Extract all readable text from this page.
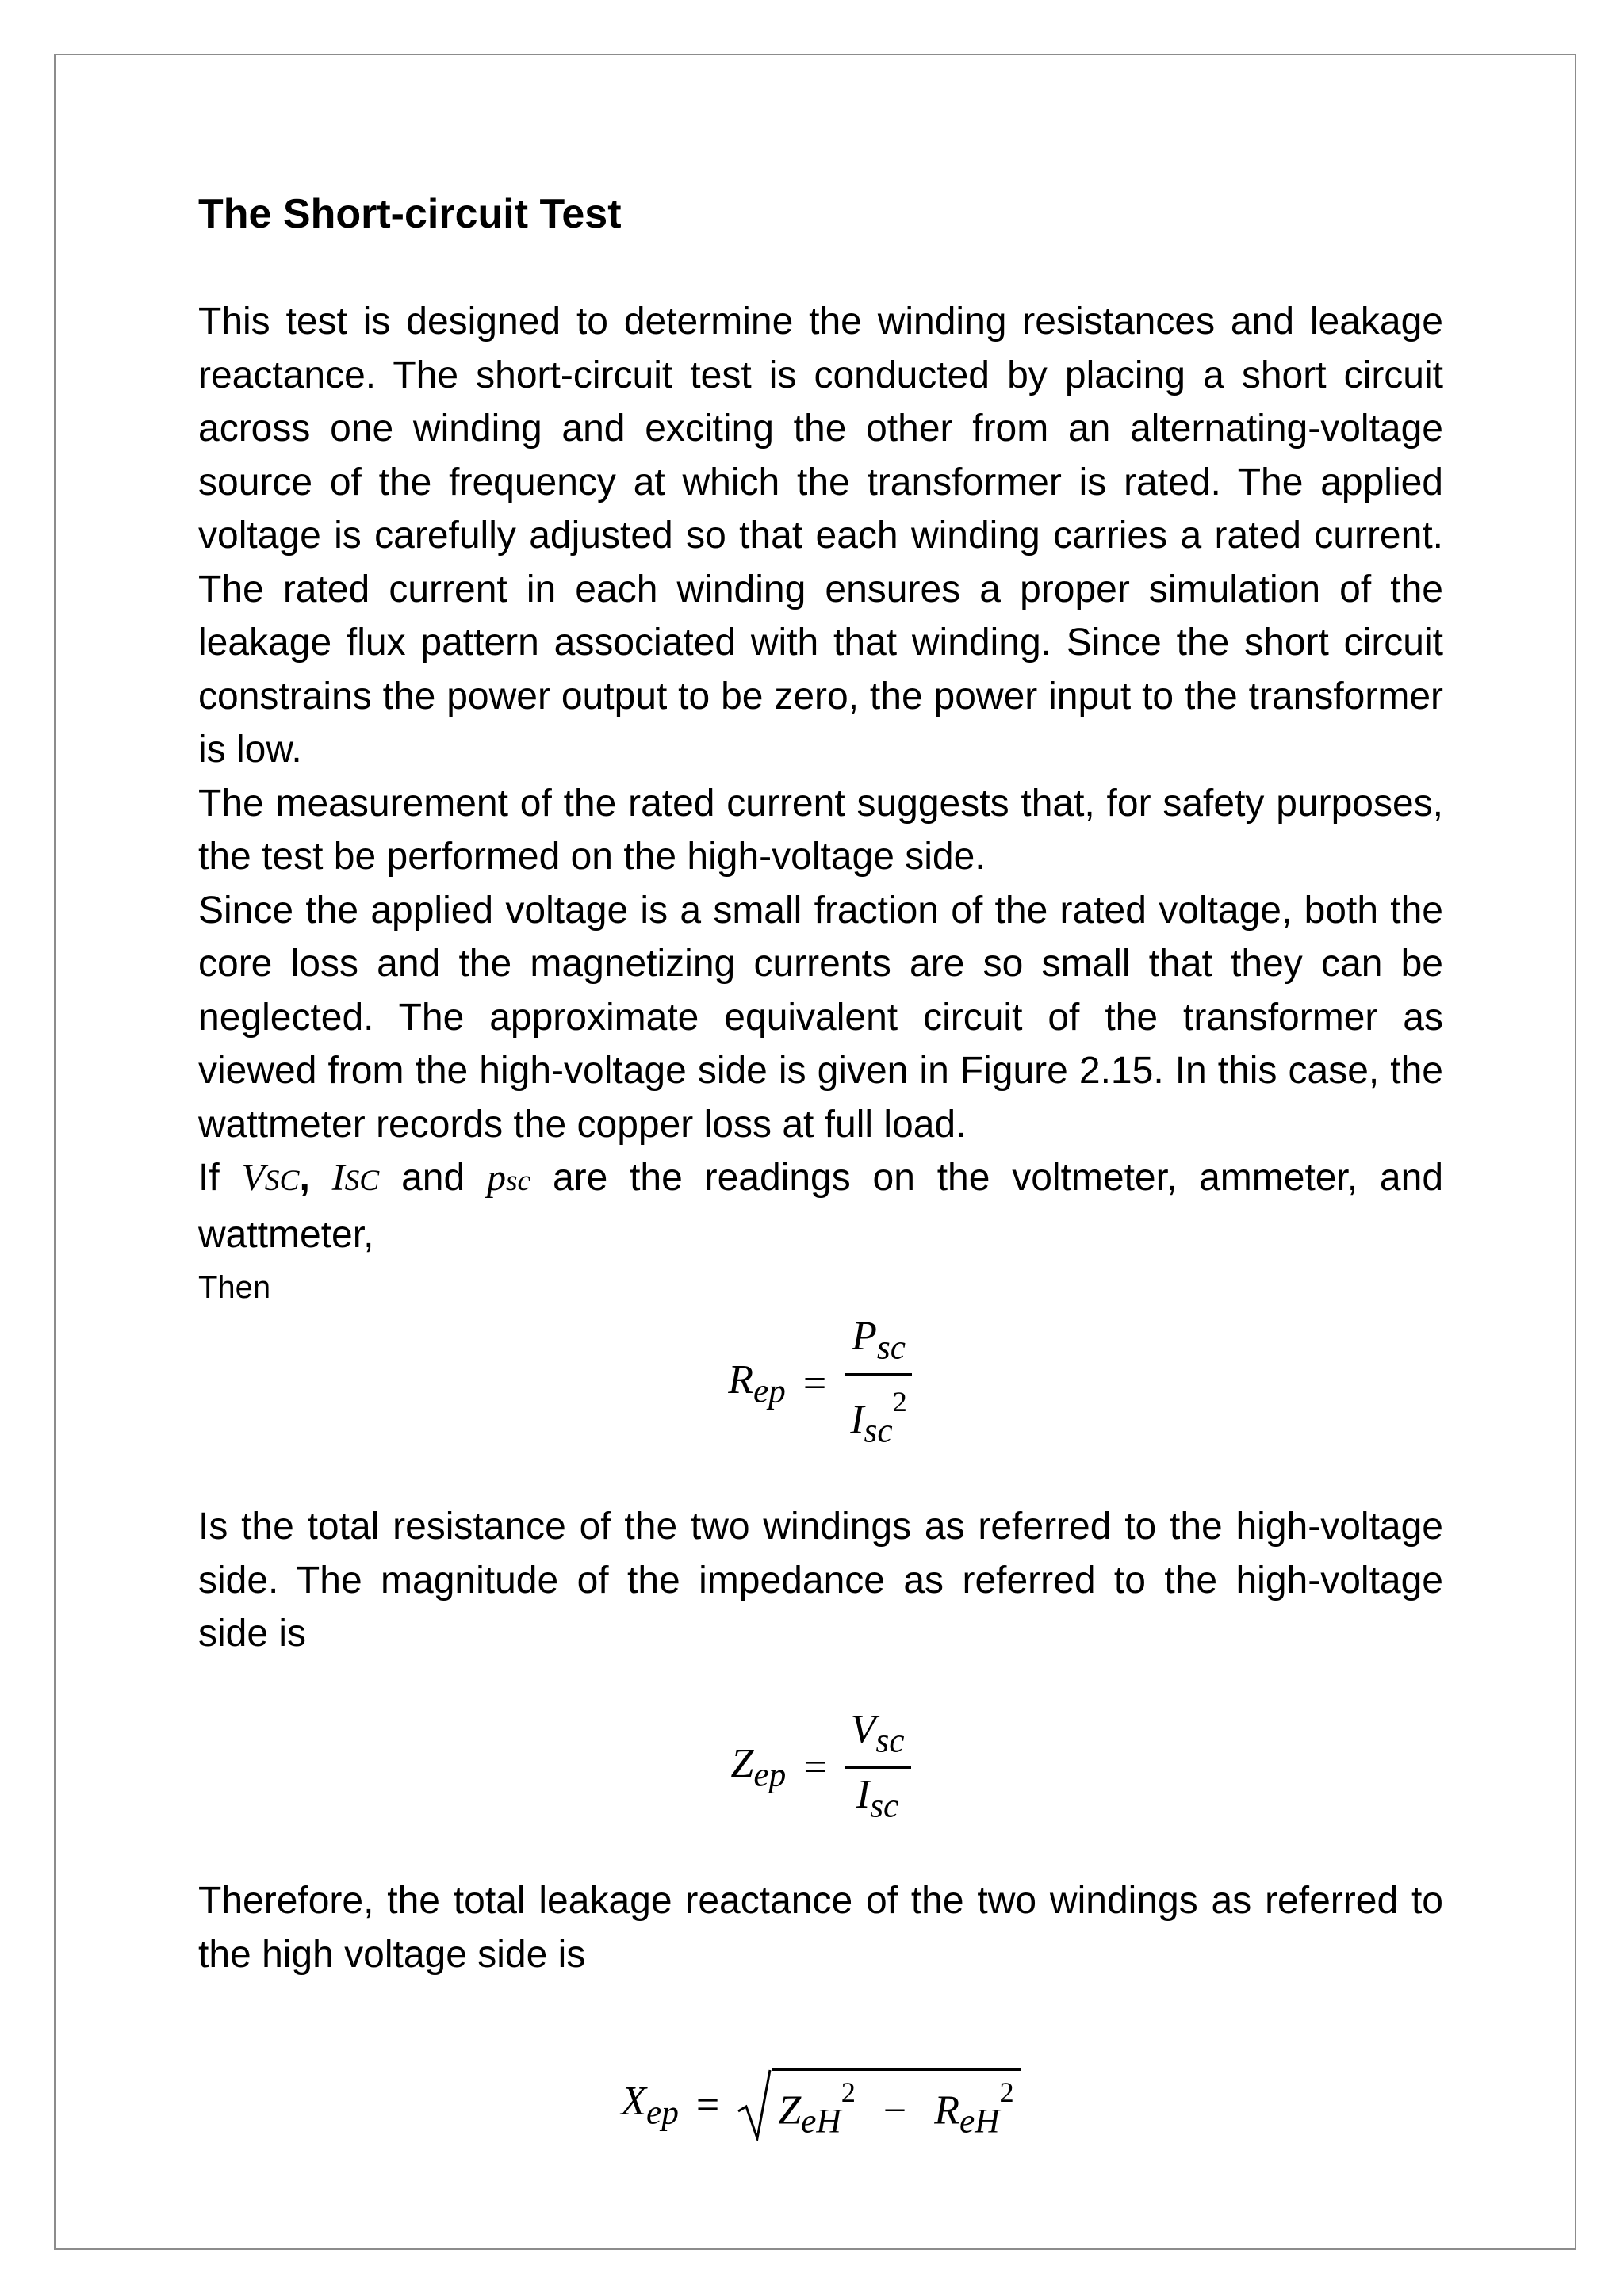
The Short-circuit Test

This test is designed to determine the winding resistances and leakage reactance. The short-circuit test is conducted by placing a short circuit across one winding and exciting the other from an alternating-voltage source of the frequency at which the transformer is rated. The applied voltage is carefully adjusted so that each winding carries a rated current. The rated current in each winding ensures a proper simulation of the leakage flux pattern associated with that winding. Since the short circuit constrains the power output to be zero, the power input to the transformer is low.

The measurement of the rated current suggests that, for safety purposes, the test be performed on the high-voltage side.

Since the applied voltage is a small fraction of the rated voltage, both the core loss and the magnetizing currents are so small that they can be neglected. The approximate equivalent circuit of the transformer as viewed from the high-voltage side is given in Figure 2.15. In this case, the wattmeter records the copper loss at full load.

If VSC, ISC and psc are the readings on the voltmeter, ammeter, and wattmeter,

Then

$R_{ep} = \frac{P_{sc}}{I_{sc}^2}$

Is the total resistance of the two windings as referred to the high-voltage side. The magnitude of the impedance as referred to the high-voltage side is

$Z_{ep} = \frac{V_{sc}}{I_{sc}}$

Therefore, the total leakage reactance of the two windings as referred to the high voltage side is

$X_{ep} = Z_{eH}^2 - R_{eH}^2$
